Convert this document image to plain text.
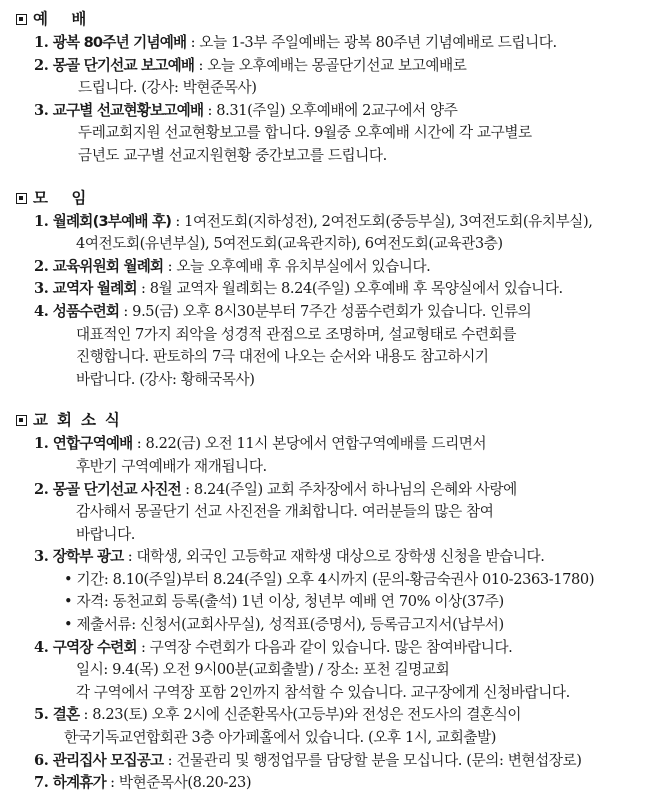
예 배
1. 광복 80주년 기념예배 : 오늘 1-3부 주일예배는 광복 80주년 기념예배로 드립니다.
2. 몽골 단기선교 보고예배 : 오늘 오후예배는 몽골단기선교 보고예배로
드립니다. (강사: 박현준목사)
3. 교구별 선교현황보고예배 : 8.31(주일) 오후예배에 2교구에서 양주
두레교회지원 선교현황보고를 합니다. 9월중 오후예배 시간에 각 교구별로
금년도 교구별 선교지원현황 중간보고를 드립니다.
모 임
1. 월례회(3부예배 후) : 1여전도회(지하성전), 2여전도회(중등부실), 3여전도회(유치부실),
4여전도회(유년부실), 5여전도회(교육관지하), 6여전도회(교육관3층)
2. 교육위원회 월례회 : 오늘 오후예배 후 유치부실에서 있습니다.
3. 교역자 월례회 : 8월 교역자 월례회는 8.24(주일) 오후예배 후 목양실에서 있습니다.
4. 성품수련회 : 9.5(금) 오후 8시30분부터 7주간 성품수련회가 있습니다. 인류의
대표적인 7가지 죄악을 성경적 관점으로 조명하며, 설교형태로 수련회를
진행합니다. 판토하의 7극 대전에 나오는 순서와 내용도 참고하시기
바랍니다. (강사: 황해국목사)
교회소식
1. 연합구역예배 : 8.22(금) 오전 11시 본당에서 연합구역예배를 드리면서
후반기 구역예배가 재개됩니다.
2. 몽골 단기선교 사진전 : 8.24(주일) 교회 주차장에서 하나님의 은혜와 사랑에
감사해서 몽골단기 선교 사진전을 개최합니다. 여러분들의 많은 참여
바랍니다.
3. 장학부 광고 : 대학생, 외국인 고등학교 재학생 대상으로 장학생 신청을 받습니다.
• 기간: 8.10(주일)부터 8.24(주일) 오후 4시까지 (문의-황금숙권사 010-2363-1780)
• 자격: 동천교회 등록(출석) 1년 이상, 청년부 예배 연 70% 이상(37주)
• 제출서류: 신청서(교회사무실), 성적표(증명서), 등록금고지서(납부서)
4. 구역장 수련회 : 구역장 수련회가 다음과 같이 있습니다. 많은 참여바랍니다.
일시: 9.4(목) 오전 9시00분(교회출발) / 장소: 포천 길명교회
각 구역에서 구역장 포함 2인까지 참석할 수 있습니다. 교구장에게 신청바랍니다.
5. 결혼 : 8.23(토) 오후 2시에 신준환목사(고등부)와 전성은 전도사의 결혼식이
한국기독교연합회관 3층 아가페홀에서 있습니다. (오후 1시, 교회출발)
6. 관리집사 모집공고 : 건물관리 및 행정업무를 담당할 분을 모십니다. (문의: 변현섭장로)
7. 하계휴가 : 박현준목사(8.20-23)
